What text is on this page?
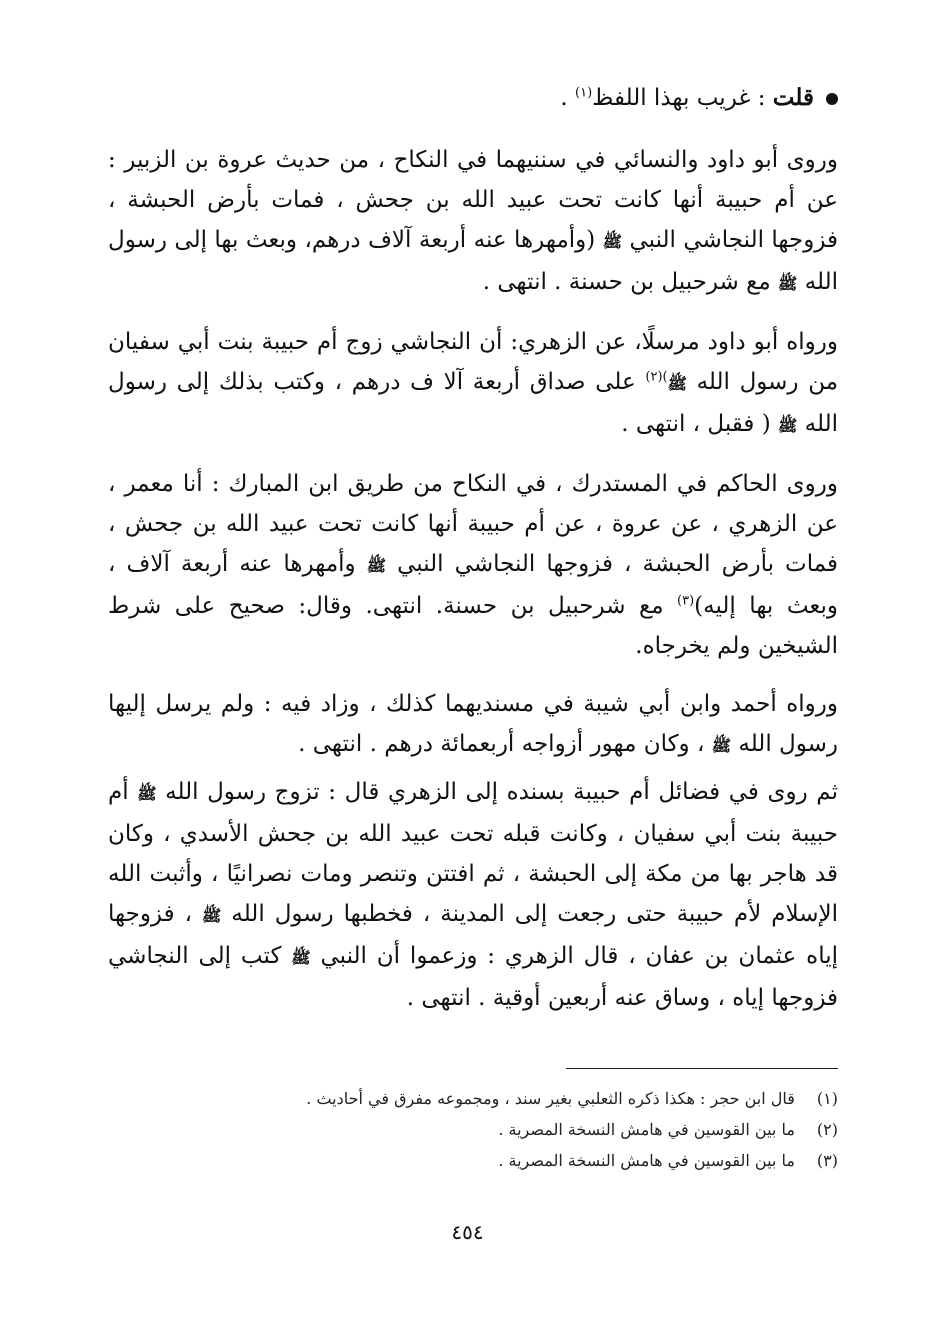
قلت : غريب بهذا اللفظ$^{(١)}$ .

وروى أبو داود والنسائي في سننيهما في النكاح ، من حديث عروة بن الزبير : عن أم حبيبة أنها كانت تحت عبيد الله بن جحش ، فمات بأرض الحبشة ، فزوجها النجاشي النبي ﷺ (وأمهرها عنه أربعة آلاف درهم، وبعث بها إلى رسول الله ﷺ مع شرحبيل بن حسنة . انتهى .

ورواه أبو داود مرسلًا، عن الزهري: أن النجاشي زوج أم حبيبة بنت أبي سفيان من رسول الله ﷺ$^{)(٢)}$ على صداق أربعة آلا ف درهم ، وكتب بذلك إلى رسول الله ﷺ ( فقبل ، انتهى .

وروى الحاكم في المستدرك ، في النكاح من طريق ابن المبارك : أنا معمر ، عن الزهري ، عن عروة ، عن أم حبيبة أنها كانت تحت عبيد الله بن جحش ، فمات بأرض الحبشة ، فزوجها النجاشي النبي ﷺ وأمهرها عنه أربعة آلاف ، وبعث بها إليه)$^{(٣)}$ مع شرحبيل بن حسنة. انتهى. وقال: صحيح على شرط الشيخين ولم يخرجاه.

ورواه أحمد وابن أبي شيبة في مسنديهما كذلك ، وزاد فيه : ولم يرسل إليها رسول الله ﷺ ، وكان مهور أزواجه أربعمائة درهم . انتهى .

ثم روى في فضائل أم حبيبة بسنده إلى الزهري قال : تزوج رسول الله ﷺ أم حبيبة بنت أبي سفيان ، وكانت قبله تحت عبيد الله بن جحش الأسدي ، وكان قد هاجر بها من مكة إلى الحبشة ، ثم افتتن وتنصر ومات نصرانيًا ، وأثبت الله الإسلام لأم حبيبة حتى رجعت إلى المدينة ، فخطبها رسول الله ﷺ ، فزوجها إياه عثمان بن عفان ، قال الزهري : وزعموا أن النبي ﷺ كتب إلى النجاشي فزوجها إياه ، وساق عنه أربعين أوقية . انتهى .

(١)قال ابن حجر : هكذا ذكره الثعلبي بغير سند ، ومجموعه مفرق في أحاديث .
(٢)ما بين القوسين في هامش النسخة المصرية .
(٣)ما بين القوسين في هامش النسخة المصرية .
٤٥٤
